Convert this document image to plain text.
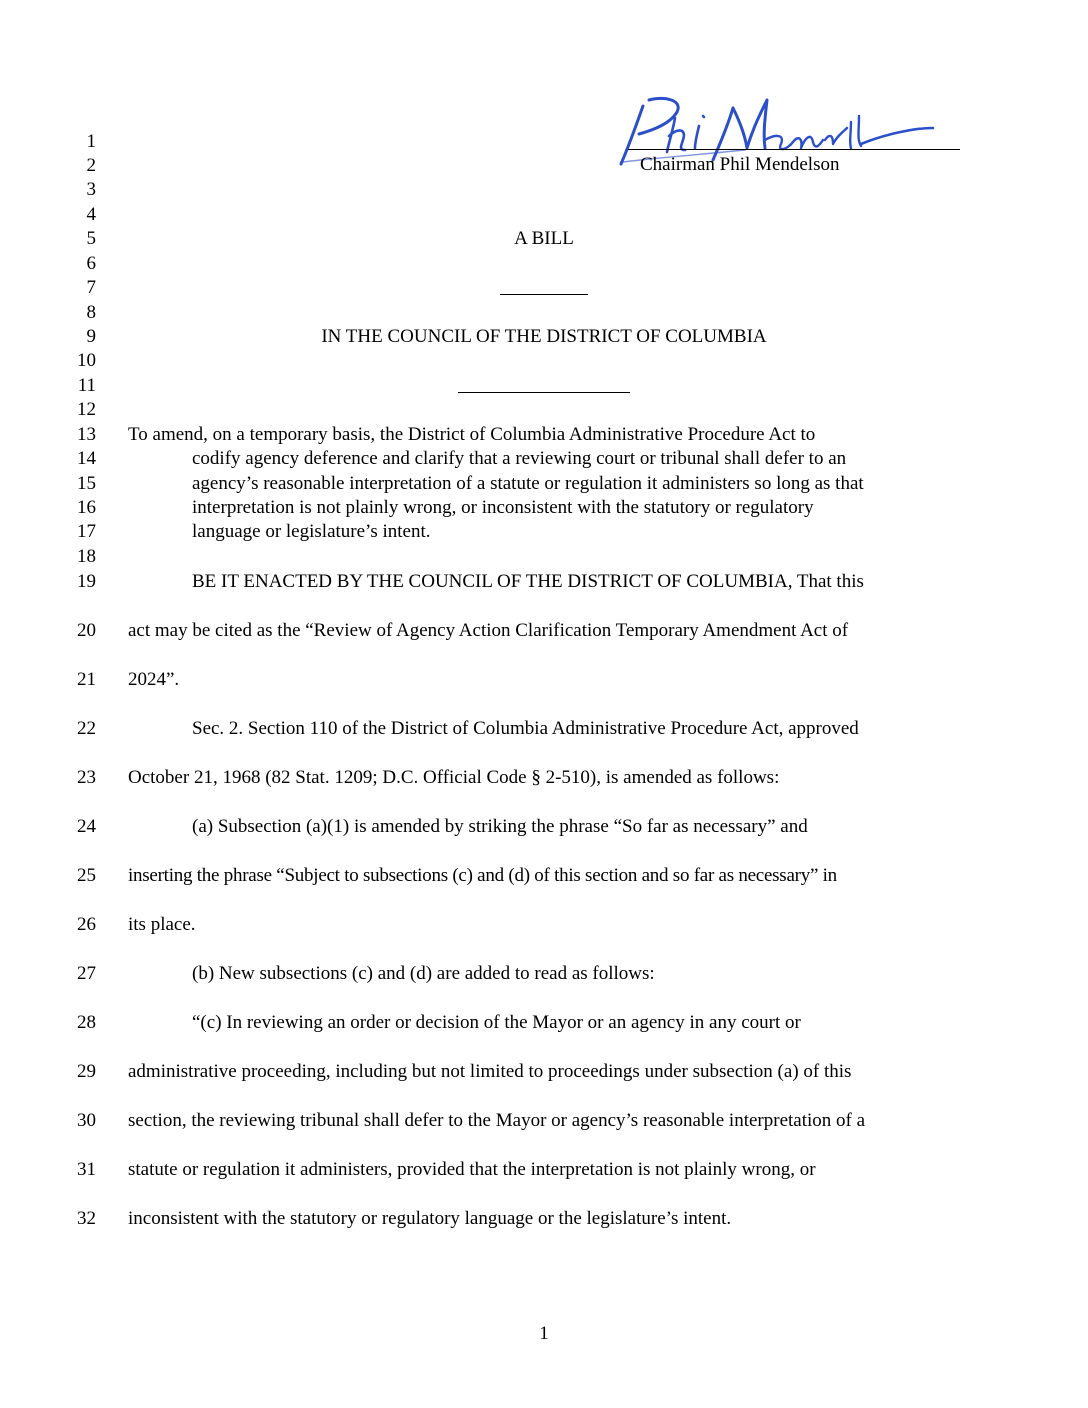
Chairman Phil Mendelson
1
2
3
4
5
6
7
8
9
10
11
12
13
14
15
16
17
18
19
20
21
22
23
24
25
26
27
28
29
30
31
32
A BILL
IN THE COUNCIL OF THE DISTRICT OF COLUMBIA
To amend, on a temporary basis, the District of Columbia Administrative Procedure Act to
codify agency deference and clarify that a reviewing court or tribunal shall defer to an
agency’s reasonable interpretation of a statute or regulation it administers so long as that
interpretation is not plainly wrong, or inconsistent with the statutory or regulatory
language or legislature’s intent.
BE IT ENACTED BY THE COUNCIL OF THE DISTRICT OF COLUMBIA, That this
act may be cited as the “Review of Agency Action Clarification Temporary Amendment Act of
2024”.
Sec. 2. Section 110 of the District of Columbia Administrative Procedure Act, approved
October 21, 1968 (82 Stat. 1209; D.C. Official Code § 2-510), is amended as follows:
(a) Subsection (a)(1) is amended by striking the phrase “So far as necessary” and
inserting the phrase “Subject to subsections (c) and (d) of this section and so far as necessary” in
its place.
(b) New subsections (c) and (d) are added to read as follows:
“(c) In reviewing an order or decision of the Mayor or an agency in any court or
administrative proceeding, including but not limited to proceedings under subsection (a) of this
section, the reviewing tribunal shall defer to the Mayor or agency’s reasonable interpretation of a
statute or regulation it administers, provided that the interpretation is not plainly wrong, or
inconsistent with the statutory or regulatory language or the legislature’s intent.
1
